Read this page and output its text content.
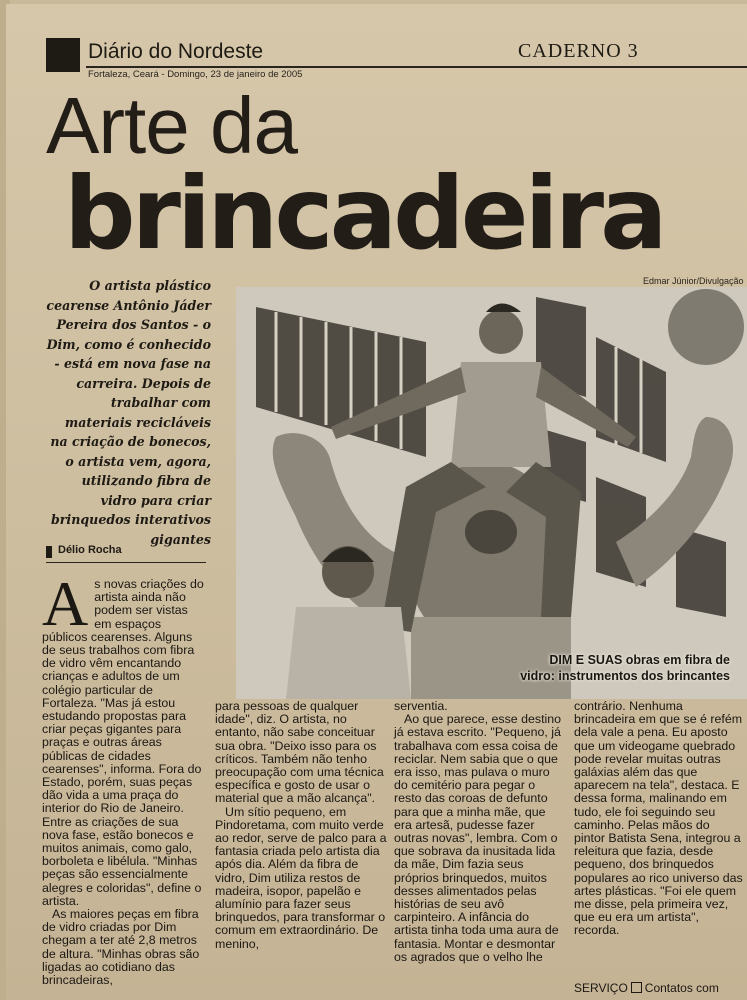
Diário do Nordeste	CADERNO 3
Fortaleza, Ceará - Domingo, 23 de janeiro de 2005
Arte da
brincadeira
Edmar Júnior/Divulgação
O artista plástico cearense Antônio Jáder Pereira dos Santos - o Dim, como é conhecido - está em nova fase na carreira. Depois de trabalhar com materiais recicláveis na criação de bonecos, o artista vem, agora, utilizando fibra de vidro para criar brinquedos interativos gigantes
Délio Rocha
DIM E SUAS obras em fibra de vidro: instrumentos dos brincantes
A s novas criações do artista ainda não podem ser vistas em espaços públicos cearenses. Alguns de seus trabalhos com fibra de vidro vêm encantando crianças e adultos de um colégio particular de Fortaleza. "Mas já estou estudando propostas para criar peças gigantes para praças e outras áreas públicas de cidades cearenses", informa. Fora do Estado, porém, suas peças dão vida a uma praça do interior do Rio de Janeiro. Entre as criações de sua nova fase, estão bonecos e muitos animais, como galo, borboleta e libélula. "Minhas peças são essencialmente alegres e coloridas", define o artista.

As maiores peças em fibra de vidro criadas por Dim chegam a ter até 2,8 metros de altura. "Minhas obras são ligadas ao cotidiano das brincadeiras,

para pessoas de qualquer idade", diz. O artista, no entanto, não sabe conceituar sua obra. "Deixo isso para os críticos. Também não tenho preocupação com uma técnica específica e gosto de usar o material que a mão alcança".

Um sítio pequeno, em Pindoretama, com muito verde ao redor, serve de palco para a fantasia criada pelo artista dia após dia. Além da fibra de vidro, Dim utiliza restos de madeira, isopor, papelão e alumínio para fazer seus brinquedos, para transformar o comum em extraordinário. De menino,

serventia.

Ao que parece, esse destino já estava escrito. "Pequeno, já trabalhava com essa coisa de reciclar. Nem sabia que o que era isso, mas pulava o muro do cemitério para pegar o resto das coroas de defunto para que a minha mãe, que era artesã, pudesse fazer outras novas", lembra. Com o que sobrava da inusitada lida da mãe, Dim fazia seus próprios brinquedos, muitos desses alimentados pelas histórias de seu avô carpinteiro. A infância do artista tinha toda uma aura de fantasia. Montar e desmontar os agrados que o velho lhe

contrário. Nenhuma brincadeira em que se é refém dela vale a pena. Eu aposto que um videogame quebrado pode revelar muitas outras galáxias além das que aparecem na tela", destaca. E dessa forma, malinando em tudo, ele foi seguindo seu caminho. Pelas mãos do pintor Batista Sena, integrou a releitura que fazia, desde pequeno, dos brinquedos populares ao rico universo das artes plásticas. "Foi ele quem me disse, pela primeira vez, que eu era um artista", recorda.

SERVIÇO Contatos com
